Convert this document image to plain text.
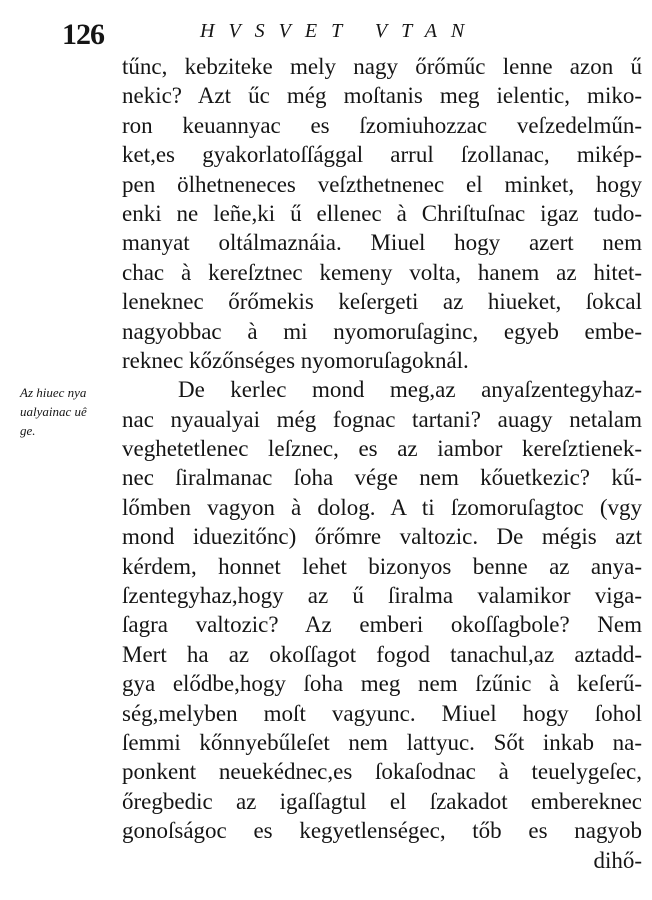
126	HVSVET VTAN
Az hiuec nya
ualyainac uê
ge.
tűnc, kebziteke mely nagy őrőműc lenne azon ű
nekic? Azt űc még moſtanis meg ielentic, miko-
ron keuannyac es ſzomiuhozzac veſzedelműn-
ket,es gyakorlatoſſággal arrul ſzollanac, mikép-
pen ölhetneneces veſzthetnenec el minket, hogy
enki ne leñe,ki ű ellenec à Chriſtuſnac igaz tudo-
manyat oltálmaznáia. Miuel hogy azert nem
chac à kereſztnec kemeny volta, hanem az hitet-
leneknec őrőmekis keſergeti az hiueket, ſokcal
nagyobbac à mi nyomoruſaginc, egyeb embe-
reknec kőzőnséges nyomoruſagoknál.
De kerlec mond meg,az anyaſzentegyhaz-
nac nyaualyai még fognac tartani? auagy netalam
veghetetlenec leſznec, es az iambor kereſztienek-
nec ſiralmanac ſoha vége nem kőuetkezic? kű-
lőmben vagyon à dolog. A ti ſzomoruſagtoc (vgy
mond iduezitőnc) őrőmre valtozic. De mégis azt
kérdem, honnet lehet bizonyos benne az anya-
ſzentegyhaz,hogy az ű ſiralma valamikor viga-
ſagra valtozic? Az emberi okoſſagbole? Nem
Mert ha az okoſſagot fogod tanachul,az aztadd-
gya elődbe,hogy ſoha meg nem ſzűnic à keſerű-
ség,melyben moſt vagyunc. Miuel hogy ſohol
ſemmi kőnnyebűleſet nem lattyuc. Sőt inkab na-
ponkent neuekédnec,es ſokaſodnac à teuelygeſec,
őregbedic az igaſſagtul el ſzakadot embereknec
gonoſságoc es kegyetlenségec, tőb es nagyob
dihő-
